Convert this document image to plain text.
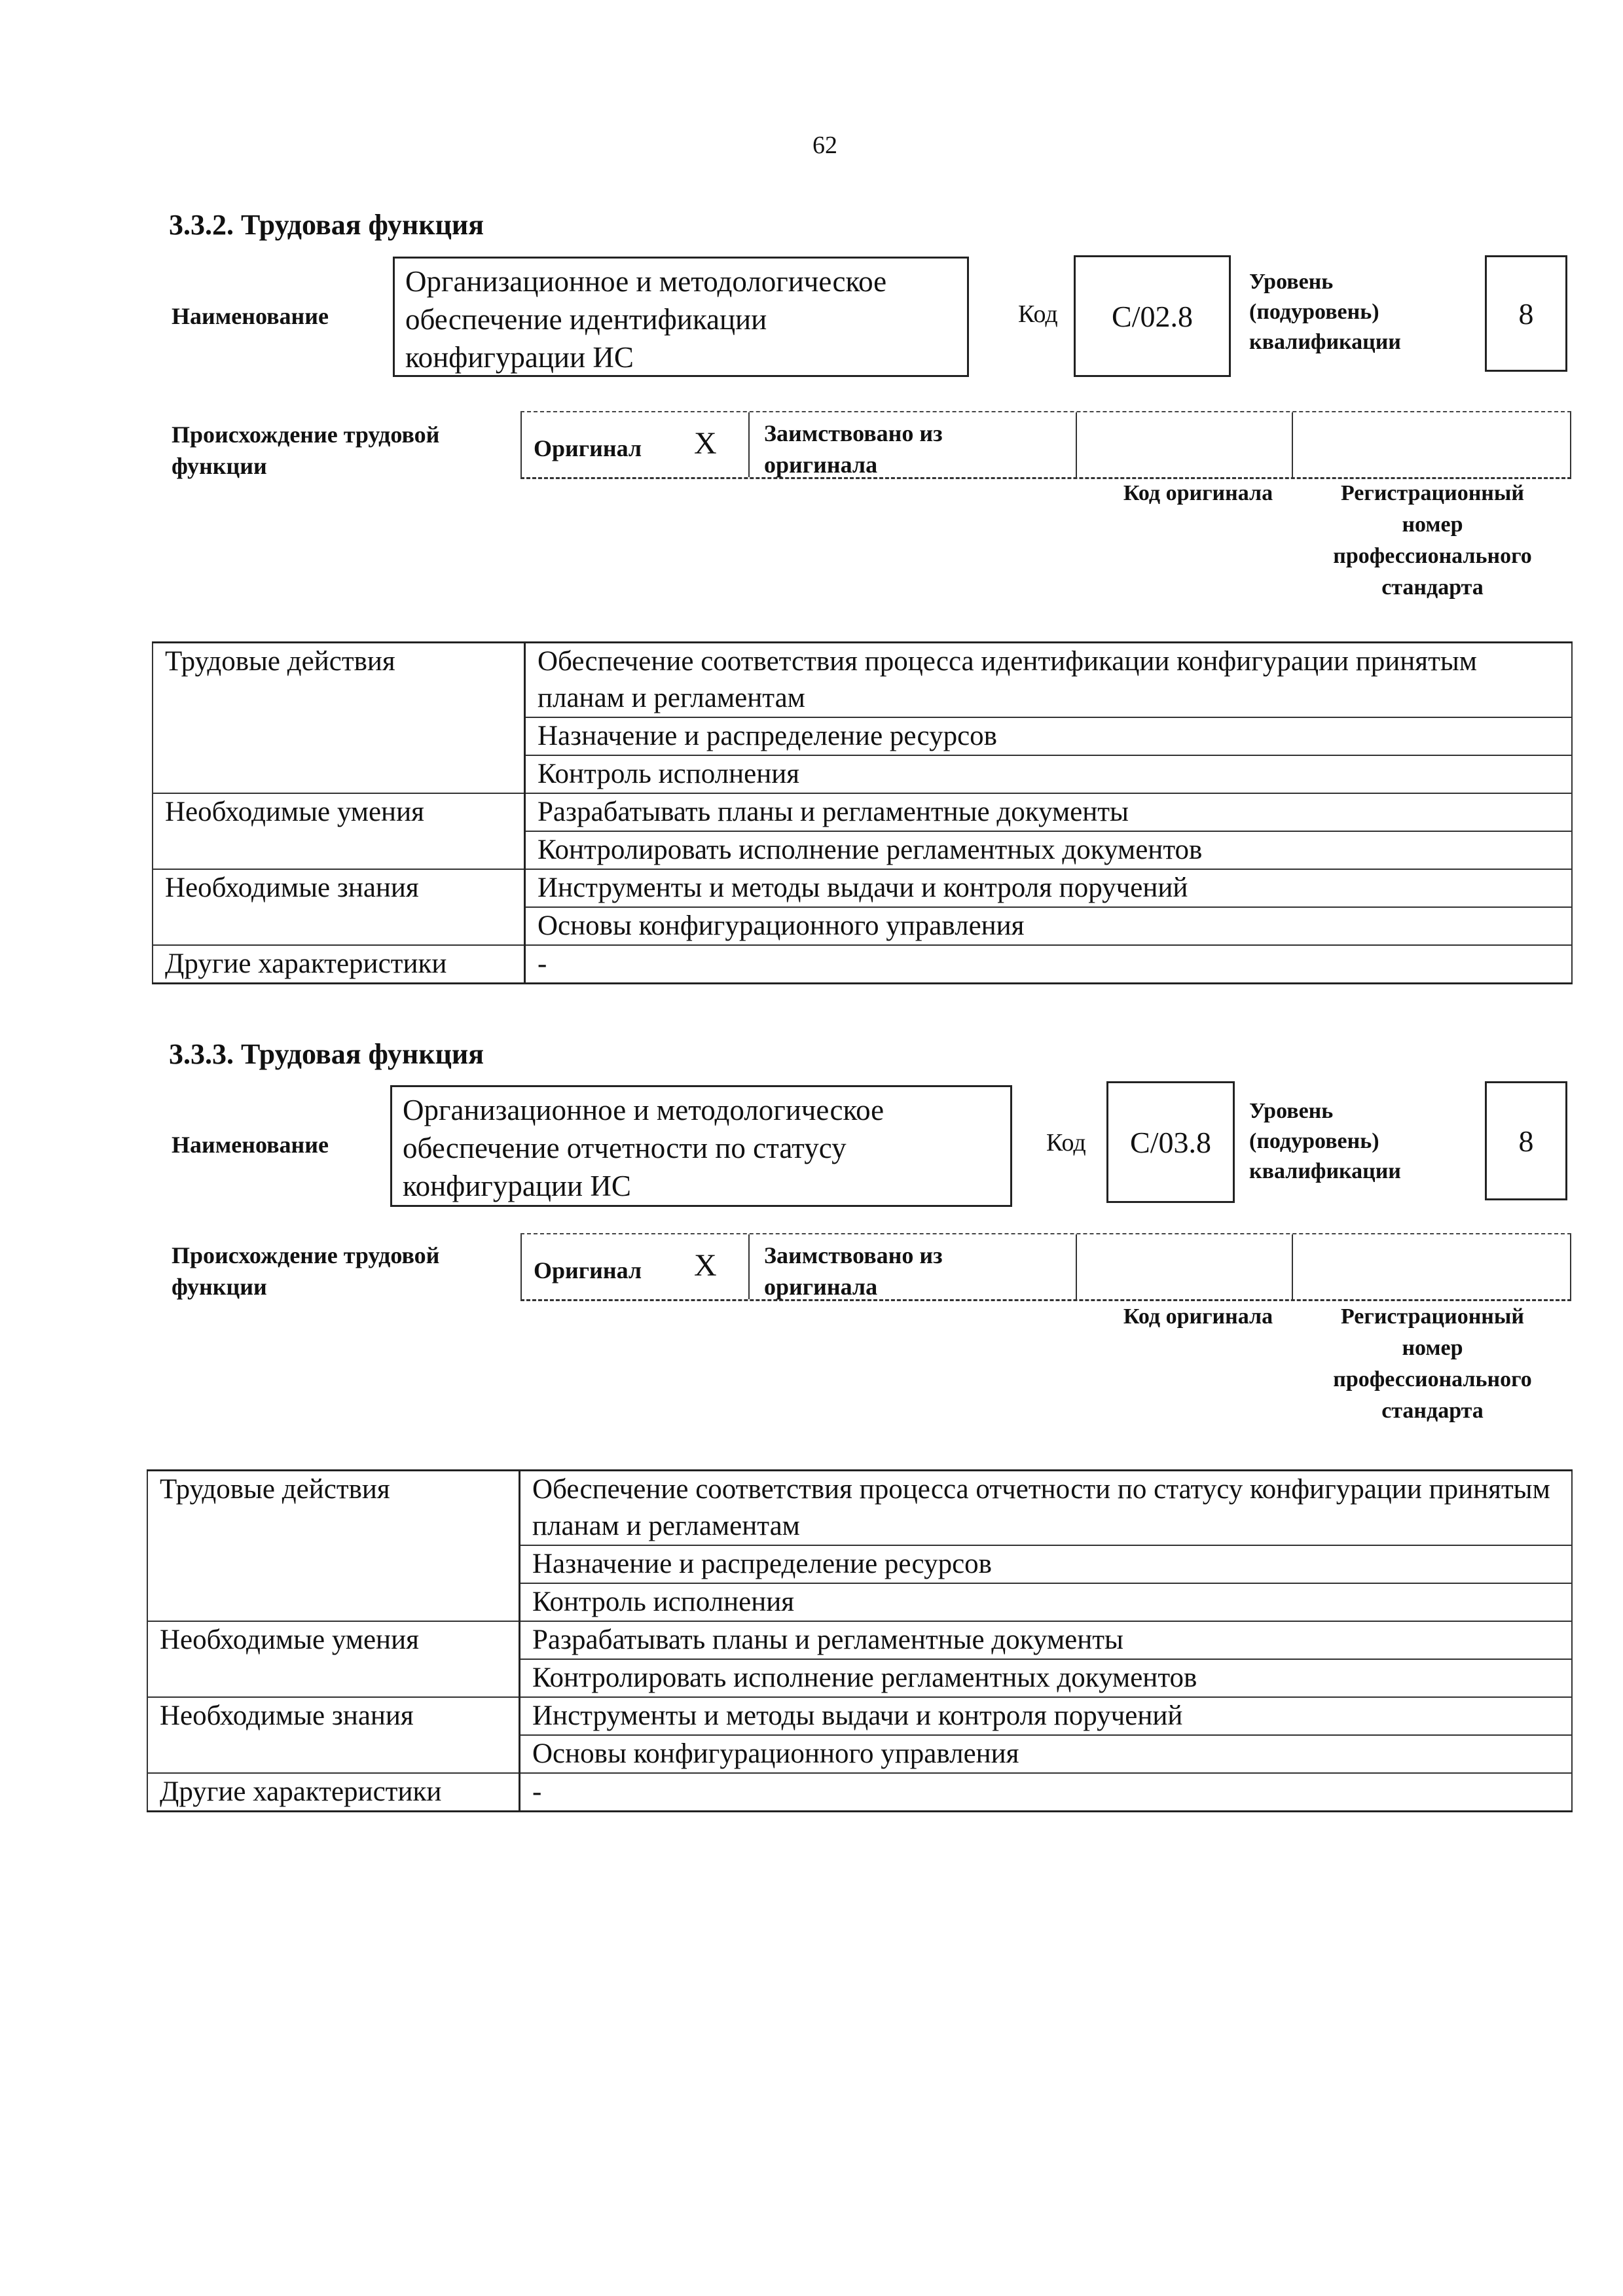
62
3.3.2. Трудовая функция
Наименование
Организационное и методологическое
обеспечение идентификации
конфигурации ИС
Код C/02.8
Уровень
(подуровень)
квалификации
8
Происхождение трудовой
функции
Оригинал X Заимствовано из
оригинала
Код оригинала	Регистрационный
номер
профессионального
стандарта
Трудовые действия	Обеспечение соответствия процесса идентификации конфигурации принятым планам и регламентам
	Назначение и распределение ресурсов
	Контроль исполнения
Необходимые умения	Разрабатывать планы и регламентные документы
	Контролировать исполнение регламентных документов
Необходимые знания	Инструменты и методы выдачи и контроля поручений
	Основы конфигурационного управления
Другие характеристики	-
3.3.3. Трудовая функция
Наименование
Организационное и методологическое
обеспечение отчетности по статусу
конфигурации ИС
Код C/03.8
Уровень
(подуровень)
квалификации
8
Происхождение трудовой
функции
Оригинал X Заимствовано из
оригинала
Код оригинала	Регистрационный
номер
профессионального
стандарта
Трудовые действия	Обеспечение соответствия процесса отчетности по статусу конфигурации принятым планам и регламентам
	Назначение и распределение ресурсов
	Контроль исполнения
Необходимые умения	Разрабатывать планы и регламентные документы
	Контролировать исполнение регламентных документов
Необходимые знания	Инструменты и методы выдачи и контроля поручений
	Основы конфигурационного управления
Другие характеристики	-
